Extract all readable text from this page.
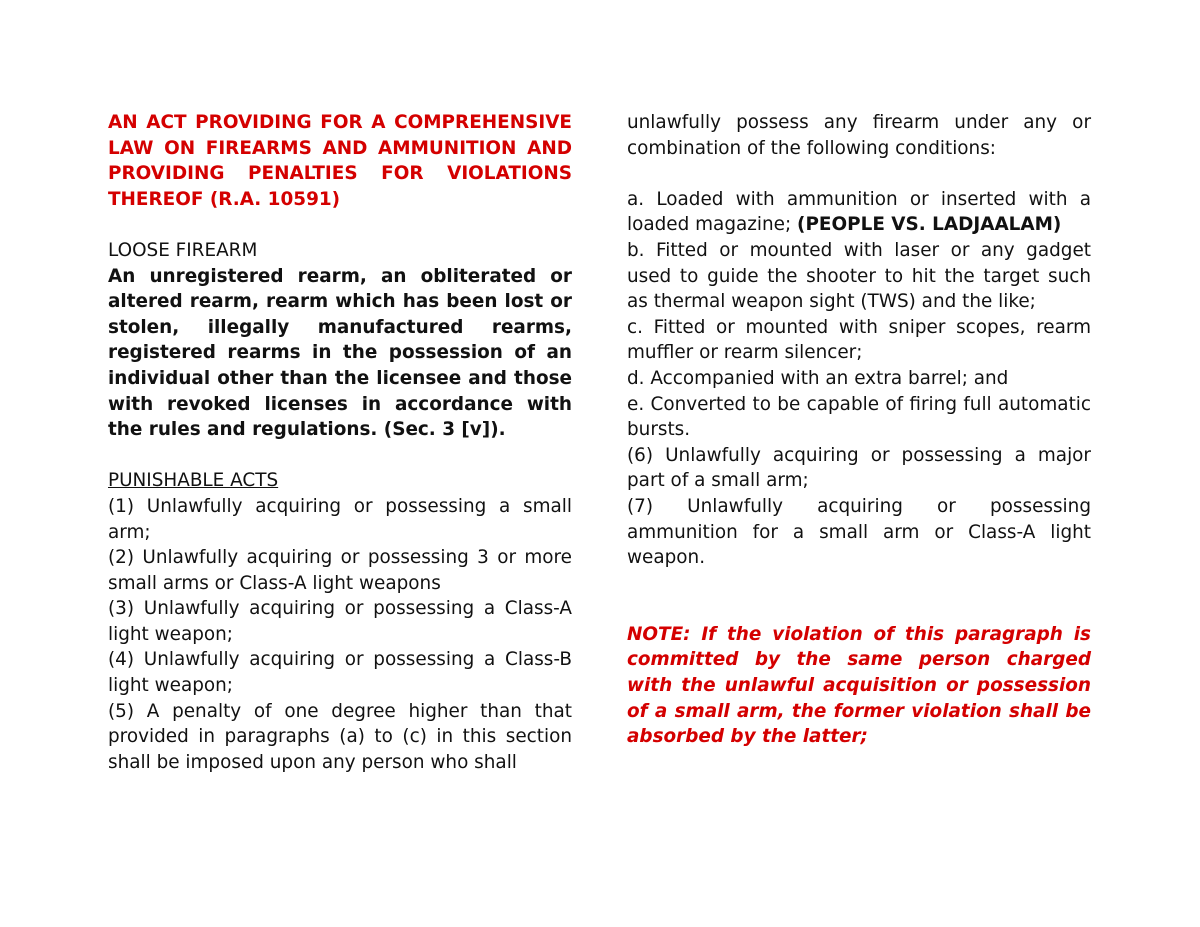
AN ACT PROVIDING FOR A COMPREHENSIVE LAW ON FIREARMS AND AMMUNITION AND PROVIDING PENALTIES FOR VIOLATIONS THEREOF (R.A. 10591)

LOOSE FIREARM

An unregistered rearm, an obliterated or altered rearm, rearm which has been lost or stolen, illegally manufactured rearms, registered rearms in the possession of an individual other than the licensee and those with revoked licenses in accordance with the rules and regulations. (Sec. 3 [v]).

PUNISHABLE ACTS

(1) Unlawfully acquiring or possessing a small arm;

(2) Unlawfully acquiring or possessing 3 or more small arms or Class-A light weapons

(3) Unlawfully acquiring or possessing a Class-A light weapon;

(4) Unlawfully acquiring or possessing a Class-B light weapon;

(5) A penalty of one degree higher than that provided in paragraphs (a) to (c) in this section shall be imposed upon any person who shall

unlawfully possess any firearm under any or combination of the following conditions:

a. Loaded with ammunition or inserted with a loaded magazine; (PEOPLE VS. LADJAALAM)

b. Fitted or mounted with laser or any gadget used to guide the shooter to hit the target such as thermal weapon sight (TWS) and the like;

c. Fitted or mounted with sniper scopes, rearm muffler or rearm silencer;

d. Accompanied with an extra barrel; and

e. Converted to be capable of firing full automatic bursts.

(6) Unlawfully acquiring or possessing a major part of a small arm;

(7) Unlawfully acquiring or possessing ammunition for a small arm or Class-A light weapon.

NOTE: If the violation of this paragraph is committed by the same person charged with the unlawful acquisition or possession of a small arm, the former violation shall be absorbed by the latter;
